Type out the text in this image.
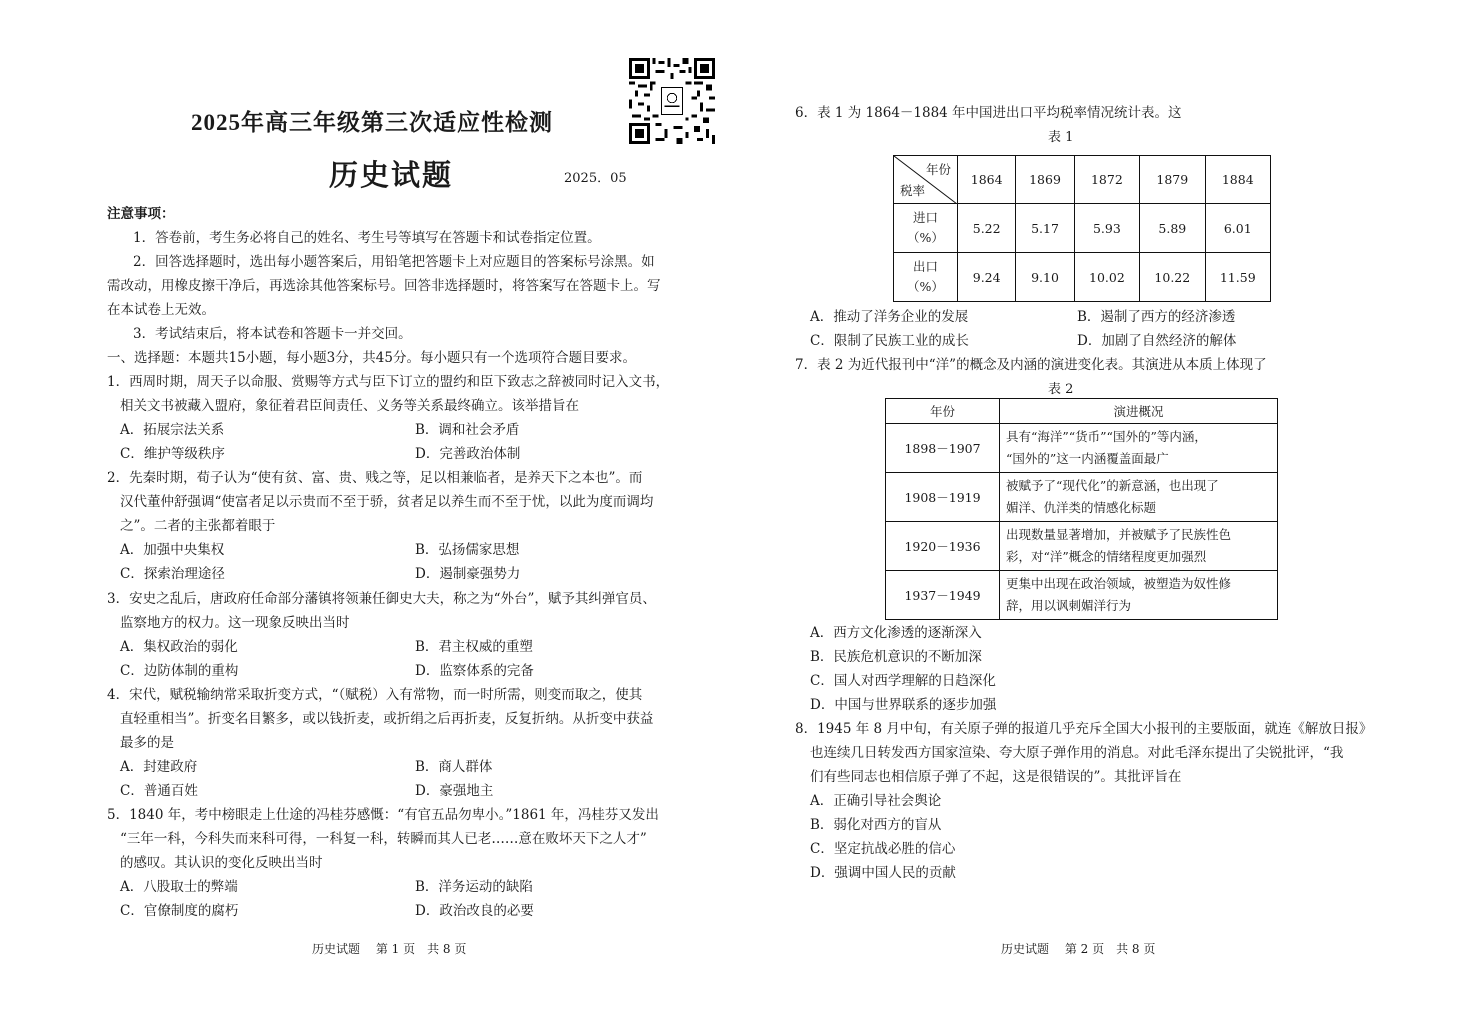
2025年高三年级第三次适应性检测
历史试题	2025．05
注意事项：
1．答卷前，考生务必将自己的姓名、考生号等填写在答题卡和试卷指定位置。
2．回答选择题时，选出每小题答案后，用铅笔把答题卡上对应题目的答案标号涂黑。如
需改动，用橡皮擦干净后，再选涂其他答案标号。回答非选择题时，将答案写在答题卡上。写
在本试卷上无效。
3．考试结束后，将本试卷和答题卡一并交回。
一、选择题：本题共15小题，每小题3分，共45分。每小题只有一个选项符合题目要求。
1．西周时期，周天子以命服、赏赐等方式与臣下订立的盟约和臣下致志之辞被同时记入文书，
相关文书被藏入盟府，象征着君臣间责任、义务等关系最终确立。该举措旨在
A．拓展宗法关系	B．调和社会矛盾
C．维护等级秩序	D．完善政治体制
2．先秦时期，荀子认为“使有贫、富、贵、贱之等，足以相兼临者，是养天下之本也”。而
汉代董仲舒强调“使富者足以示贵而不至于骄，贫者足以养生而不至于忧，以此为度而调均
之”。二者的主张都着眼于
A．加强中央集权	B．弘扬儒家思想
C．探索治理途径	D．遏制豪强势力
3．安史之乱后，唐政府任命部分藩镇将领兼任御史大夫，称之为“外台”，赋予其纠弹官员、
监察地方的权力。这一现象反映出当时
A．集权政治的弱化	B．君主权威的重塑
C．边防体制的重构	D．监察体系的完备
4．宋代，赋税输纳常采取折变方式，“（赋税）入有常物，而一时所需，则变而取之，使其
直轻重相当”。折变名目繁多，或以钱折麦，或折绢之后再折麦，反复折纳。从折变中获益
最多的是
A．封建政府	B．商人群体
C．普通百姓	D．豪强地主
5．1840 年，考中榜眼走上仕途的冯桂芬感慨：“有官五品勿卑小。”1861 年，冯桂芬又发出
“三年一科，今科失而来科可得，一科复一科，转瞬而其人已老……意在败坏天下之人才”
的感叹。其认识的变化反映出当时
A．八股取士的弊端	B．洋务运动的缺陷
C．官僚制度的腐朽	D．政治改良的必要
历史试题　 第 1 页　共 8 页
6．表 1 为 1864－1884 年中国进出口平均税率情况统计表。这
表 1
年份
税率	1864	1869	1872	1879	1884

进口
（%）	5.22	5.17	5.93	5.89	6.01

出口
（%）	9.24	9.10	10.02	10.22	11.59
A．推动了洋务企业的发展	B．遏制了西方的经济渗透
C．限制了民族工业的成长	D．加剧了自然经济的解体
7．表 2 为近代报刊中“洋”的概念及内涵的演进变化表。其演进从本质上体现了
表 2
年份	演进概况
1898－1907	具有“海洋”“货币”“国外的”等内涵，
“国外的”这一内涵覆盖面最广

1908－1919	被赋予了“现代化”的新意涵，也出现了
媚洋、仇洋类的情感化标题

1920－1936	出现数量显著增加，并被赋予了民族性色
彩，对“洋”概念的情绪程度更加强烈

1937－1949	更集中出现在政治领域，被塑造为奴性修
辞，用以讽刺媚洋行为
A．西方文化渗透的逐渐深入
B．民族危机意识的不断加深
C．国人对西学理解的日趋深化
D．中国与世界联系的逐步加强
8．1945 年 8 月中旬，有关原子弹的报道几乎充斥全国大小报刊的主要版面，就连《解放日报》
也连续几日转发西方国家渲染、夸大原子弹作用的消息。对此毛泽东提出了尖锐批评，“我
们有些同志也相信原子弹了不起，这是很错误的”。其批评旨在
A．正确引导社会舆论
B．弱化对西方的盲从
C．坚定抗战必胜的信心
D．强调中国人民的贡献
历史试题　 第 2 页　共 8 页
